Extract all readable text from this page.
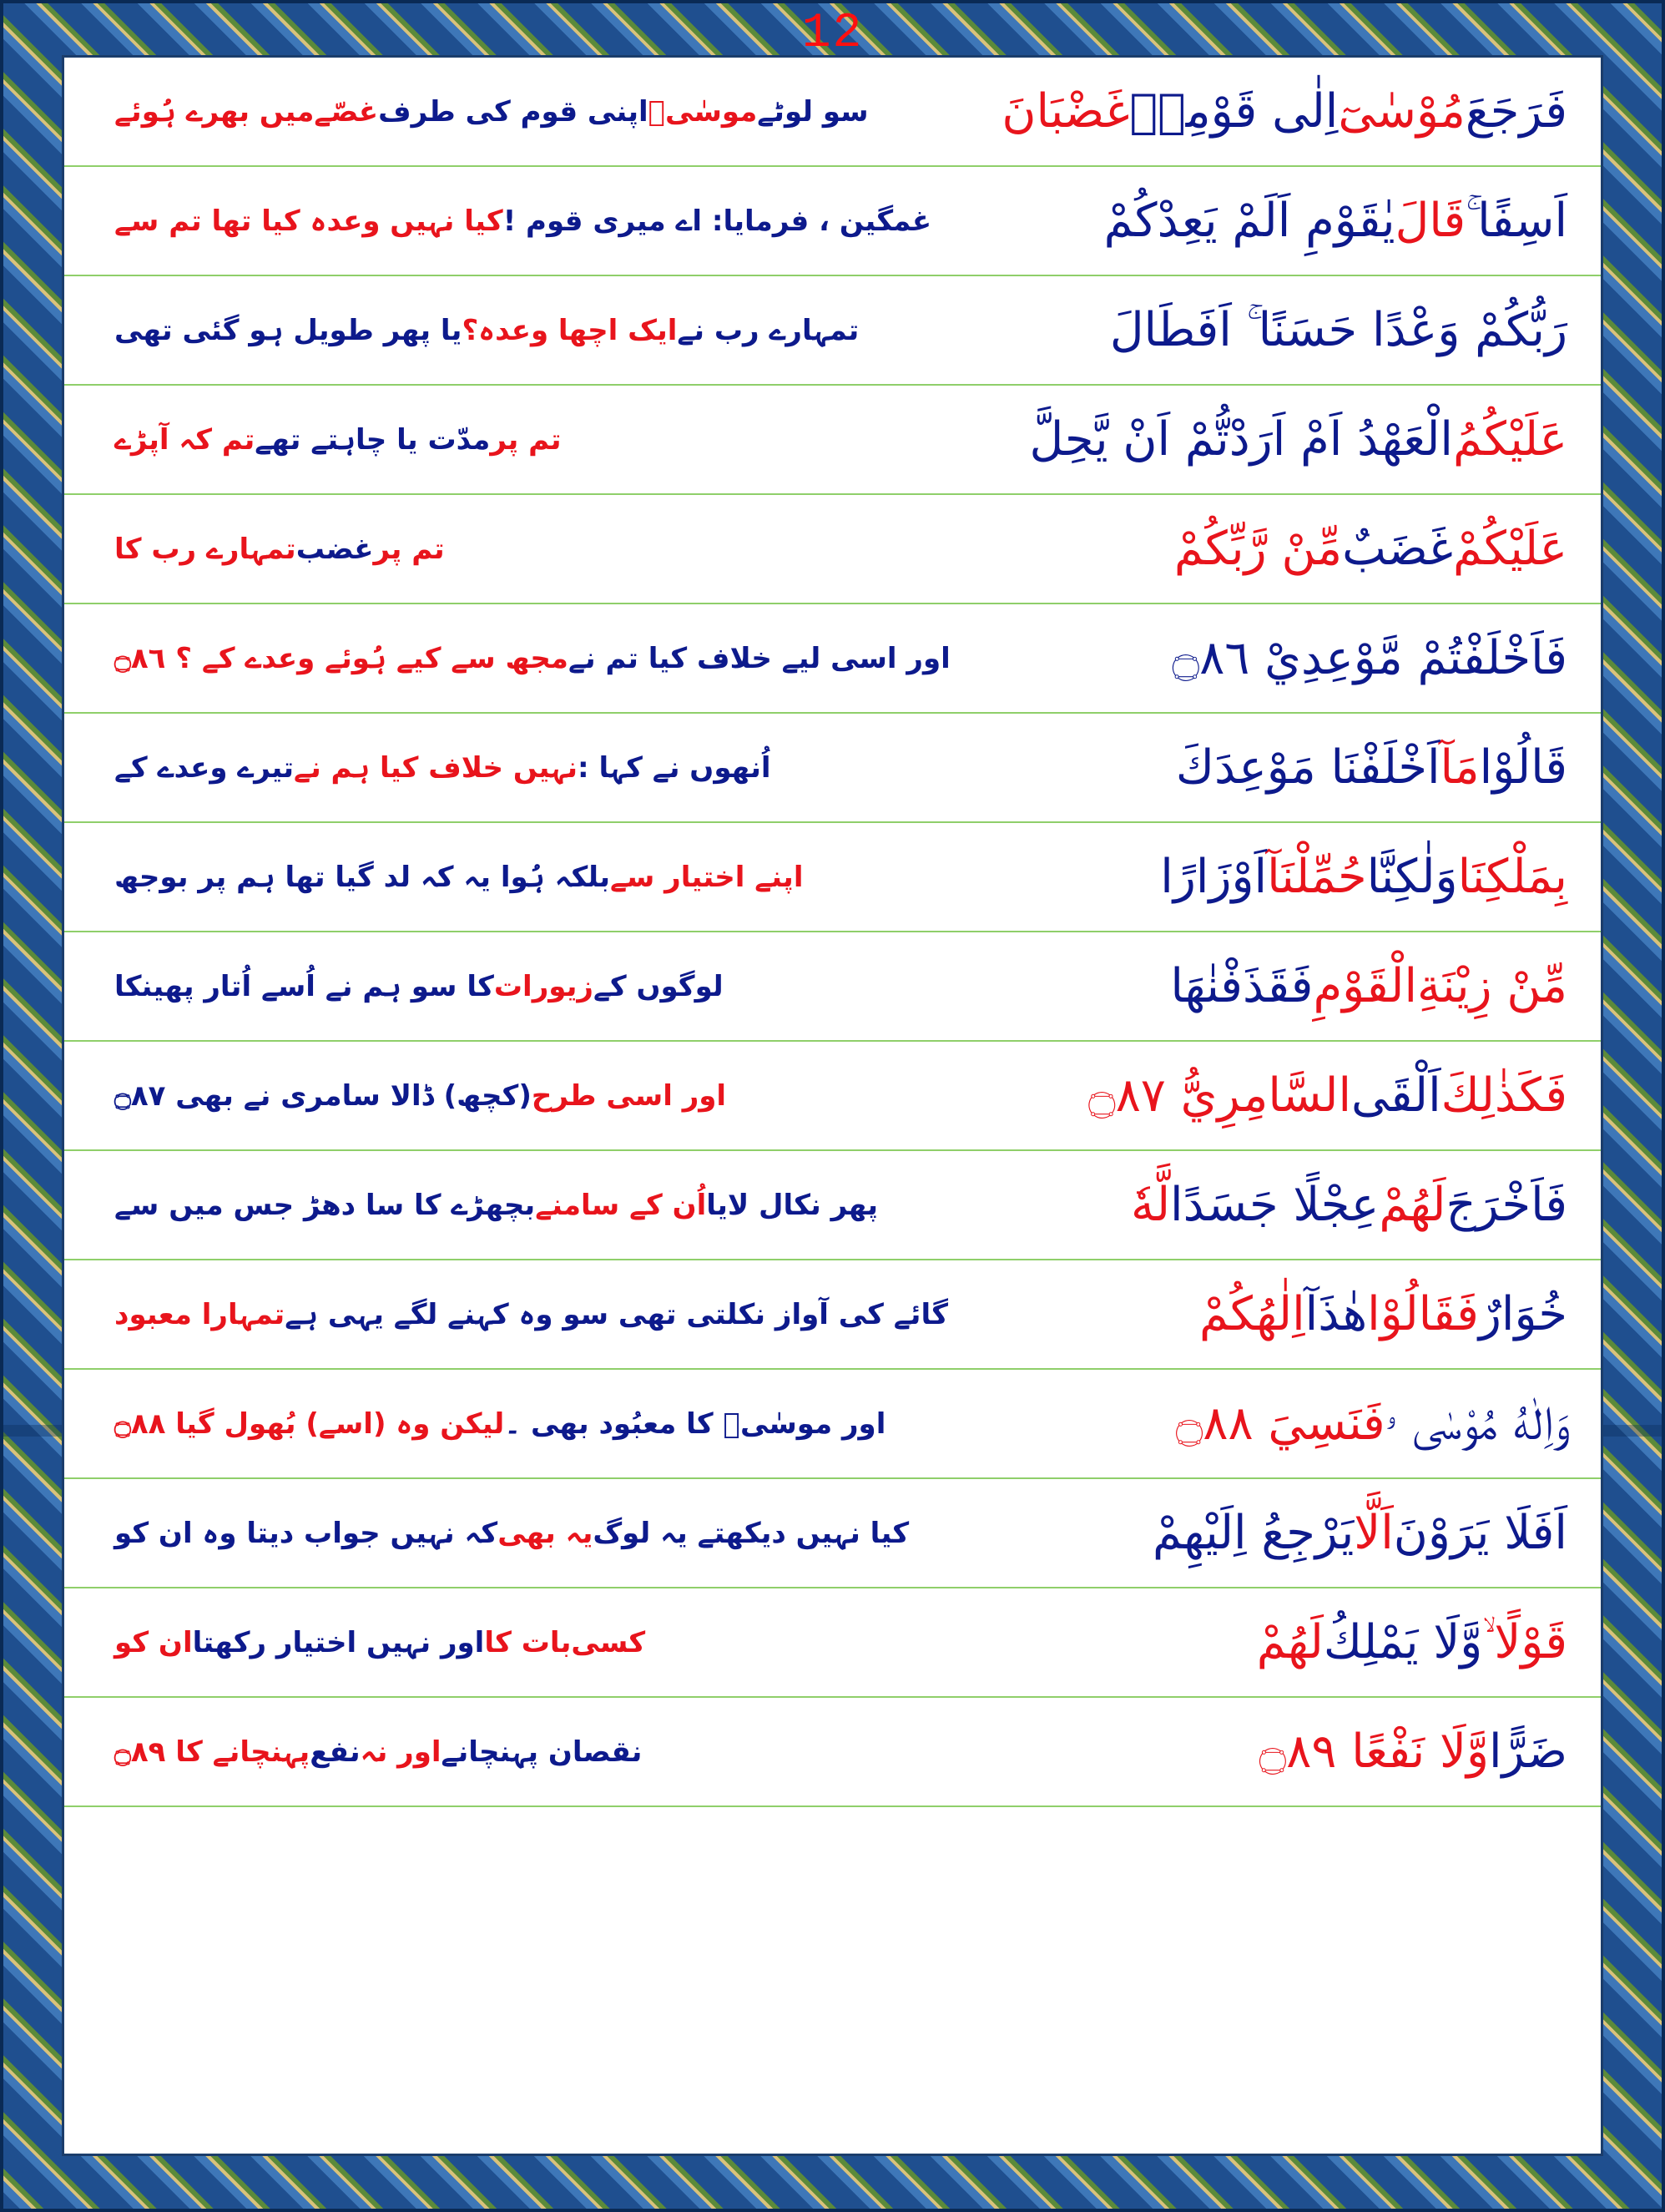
12
فَرَجَعَ
مُوْسٰىٓ
اِلٰى قَوْمِهٖ
غَضْبَانَ
سو لوٹے
موسٰیؑ
اپنی قوم کی طرف
غصّے
میں بھرے ہُوئے
اَسِفًا ۚ
قَالَ
يٰقَوْمِ اَلَمْ يَعِدْكُمْ
غمگین ، فرمایا: اے میری قوم !
کیا نہیں وعدہ کیا تھا تم سے
رَبُّكُمْ وَعْدًا حَسَنًا ۚ اَفَطَالَ
تمہارے رب نے
ایک اچھا وعدہ؟
یا پھر طویل ہو گئی تھی
عَلَيْكُمُ
الْعَهْدُ اَمْ اَرَدْتُّمْ اَنْ يَّحِلَّ
تم پر
مدّت یا چاہتے تھے
تم کہ آپڑے
عَلَيْكُمْ
غَضَبٌ
مِّنْ رَّبِّكُمْ
تم پر
غضب
تمہارے رب کا
فَاَخْلَفْتُمْ مَّوْعِدِيْ ۝٨٦
اور اسی لیے خلاف کیا تم نے
مجھ سے کیے ہُوئے وعدے کے ؟ ۝٨٦
قَالُوْا
مَآ
اَخْلَفْنَا مَوْعِدَكَ
اُنھوں نے کہا :
نہیں خلاف کیا ہم نے
تیرے وعدے کے
بِمَلْكِنَا
وَلٰكِنَّا
حُمِّلْنَآ
اَوْزَارًا
اپنے اختیار سے
بلکہ ہُوا یہ کہ لد گیا تھا ہم پر بوجھ
مِّنْ زِيْنَةِ
الْقَوْمِ
فَقَذَفْنٰهَا
لوگوں کے
زیورات
کا سو ہم نے اُسے اُتار پھینکا
فَكَذٰلِكَ
اَلْقَى
السَّامِرِيُّ ۝٨٧
اور اسی طرح
(کچھ) ڈالا سامری نے بھی ۝٨٧
فَاَخْرَجَ
لَهُمْ
عِجْلًا جَسَدًا
لَّهٗ
پھر نکال لایا
اُن کے سامنے
بچھڑے کا سا دھڑ جس میں سے
خُوَارٌ
فَقَالُوْا
هٰذَآ
اِلٰهُكُمْ
گائے کی آواز نکلتی تھی سو وہ کہنے لگے یہی ہے
تمہارا معبود
وَاِلٰهُ مُوْسٰى ۥ
فَنَسِيَ ۝٨٨
اور موسٰیؑ کا معبُود بھی ۔
لیکن وہ (اسے) بُھول گیا ۝٨٨
اَفَلَا يَرَوْنَ
اَلَّا
يَرْجِعُ اِلَيْهِمْ
کیا نہیں دیکھتے یہ لوگ
یہ بھی
کہ نہیں جواب دیتا وہ ان کو
قَوْلًا ۙ
وَّلَا يَمْلِكُ
لَهُمْ
کسی
بات کا
اور نہیں اختیار رکھتا
ان کو
ضَرًّا
وَّلَا نَفْعًا ۝٨٩
نقصان پہنچانے
اور نہ
نفع
پہنچانے کا ۝٨٩
